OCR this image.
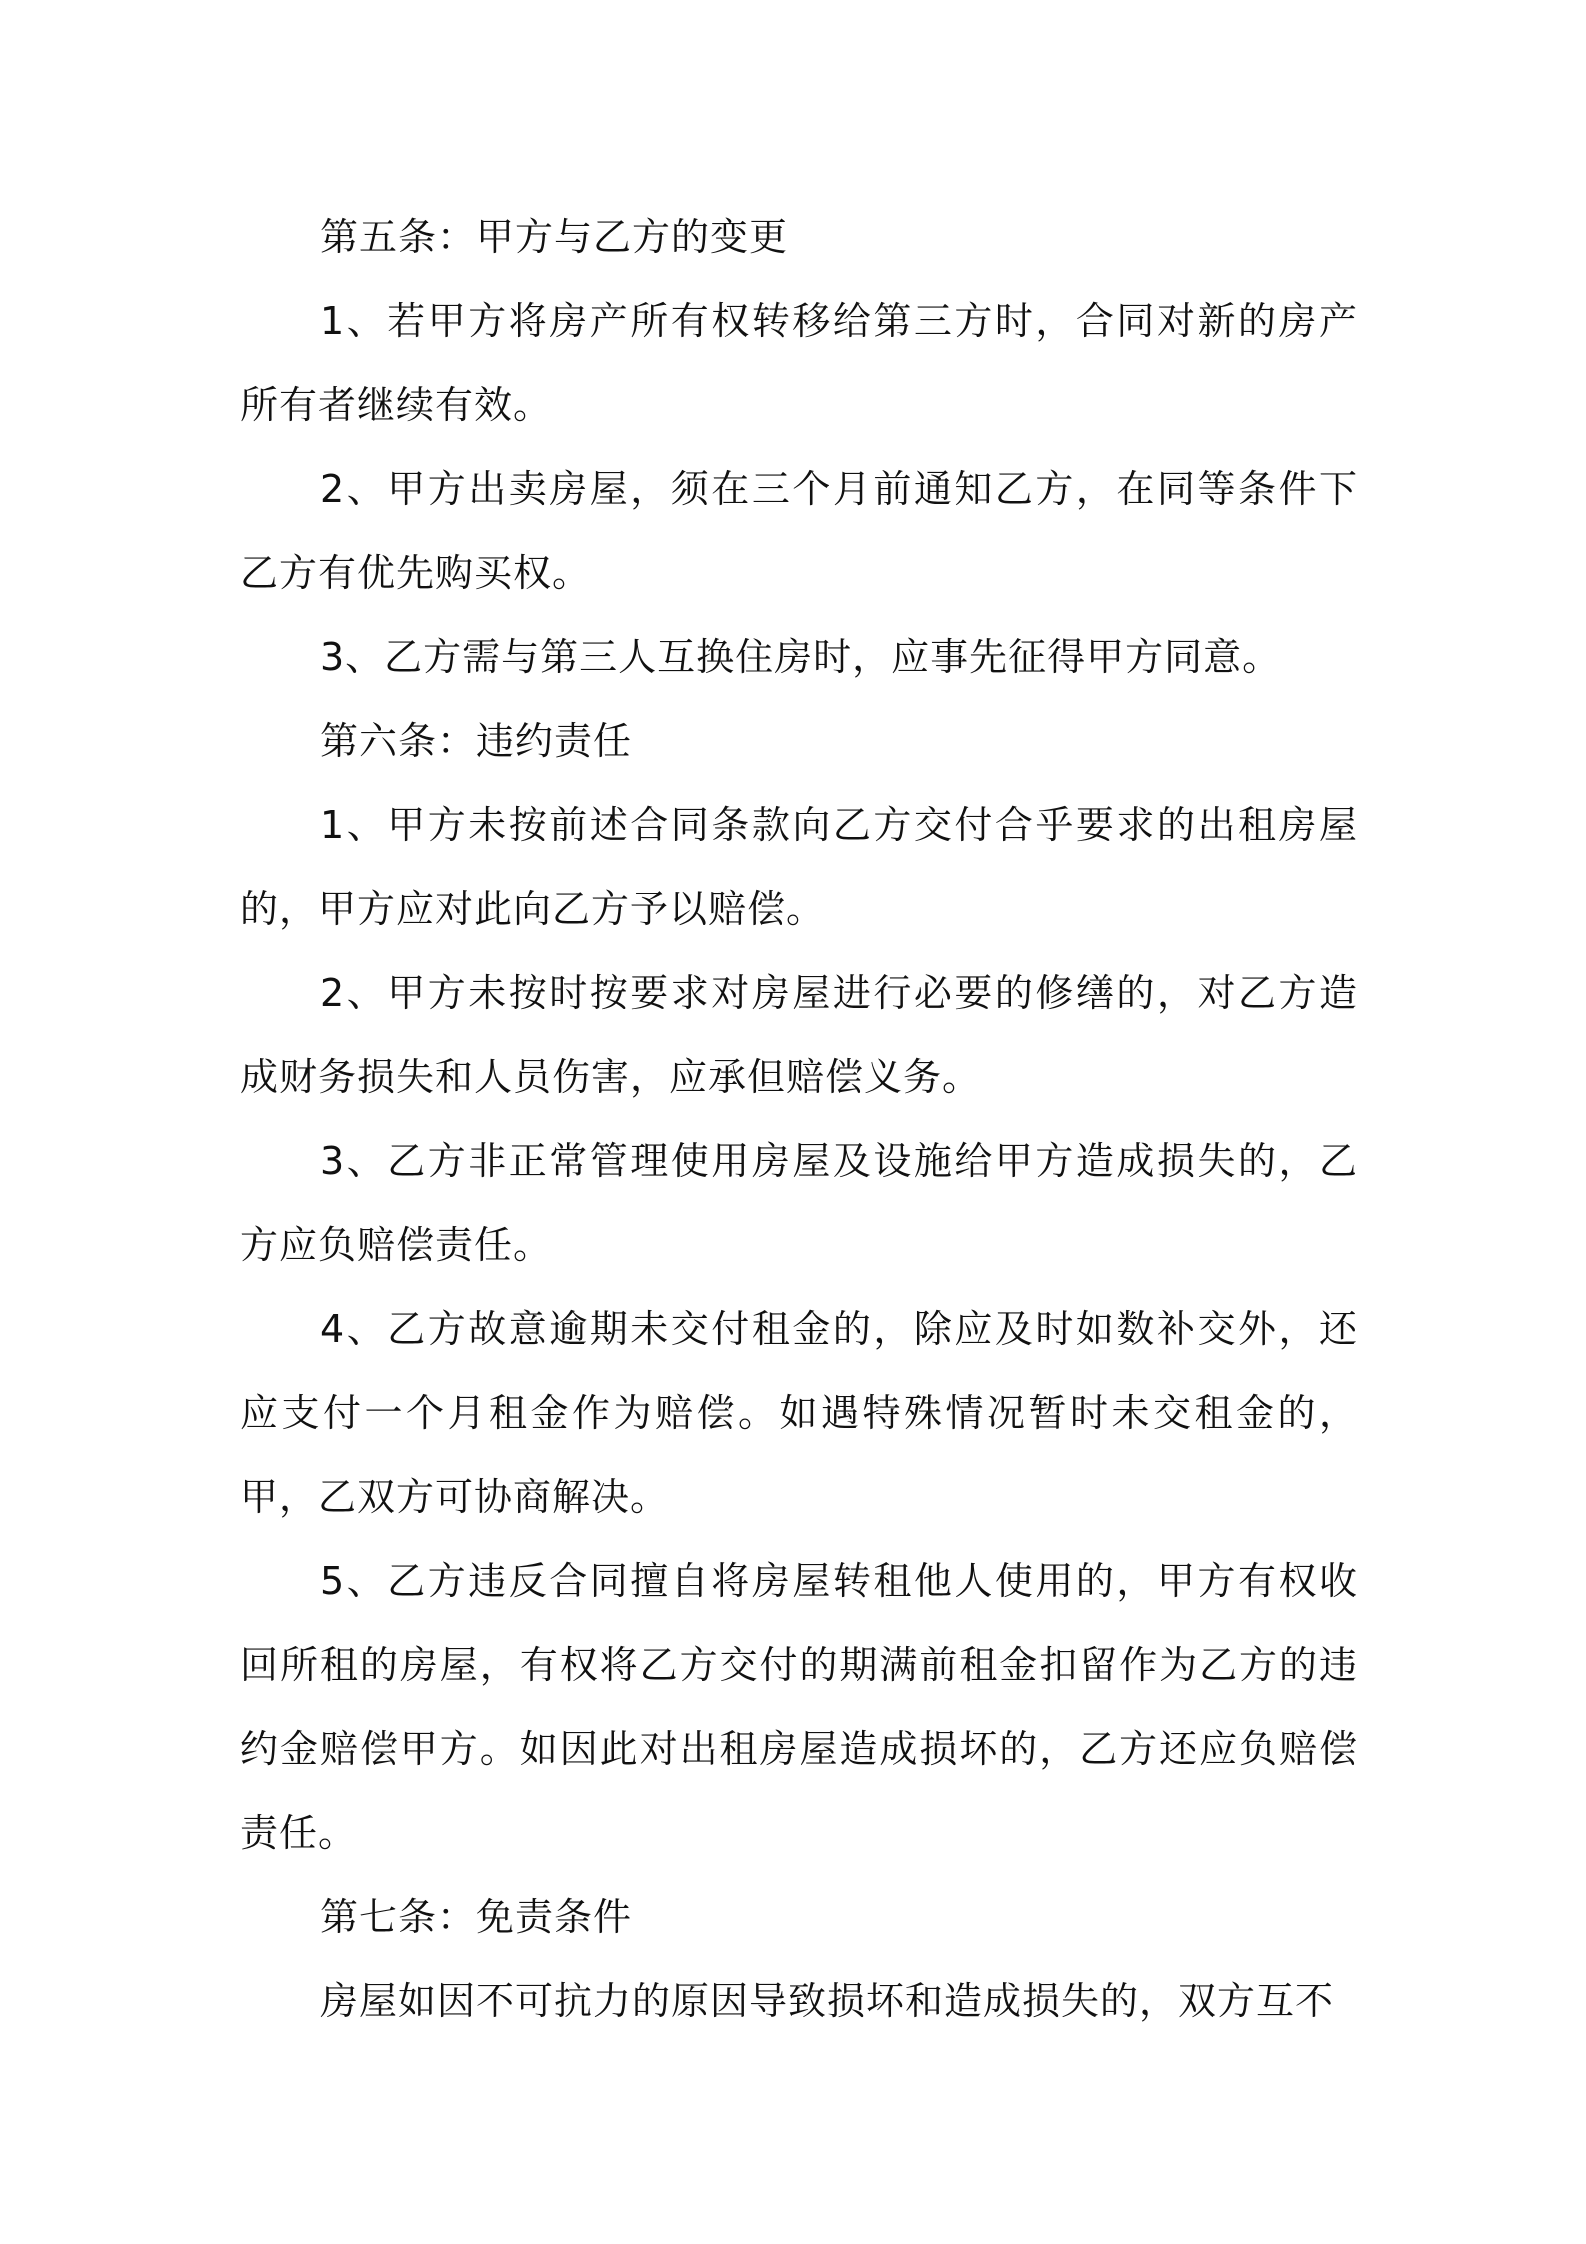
第五条：甲方与乙方的变更

1、若甲方将房产所有权转移给第三方时，合同对新的房产所有者继续有效。

2、甲方出卖房屋，须在三个月前通知乙方，在同等条件下乙方有优先购买权。

3、乙方需与第三人互换住房时，应事先征得甲方同意。

第六条：违约责任

1、甲方未按前述合同条款向乙方交付合乎要求的出租房屋的，甲方应对此向乙方予以赔偿。

2、甲方未按时按要求对房屋进行必要的修缮的，对乙方造成财务损失和人员伤害，应承但赔偿义务。

3、乙方非正常管理使用房屋及设施给甲方造成损失的，乙方应负赔偿责任。

4、乙方故意逾期未交付租金的，除应及时如数补交外，还应支付一个月租金作为赔偿。如遇特殊情况暂时未交租金的，甲，乙双方可协商解决。

5、乙方违反合同擅自将房屋转租他人使用的，甲方有权收回所租的房屋，有权将乙方交付的期满前租金扣留作为乙方的违约金赔偿甲方。如因此对出租房屋造成损坏的，乙方还应负赔偿责任。

第七条：免责条件

房屋如因不可抗力的原因导致损坏和造成损失的，双方互不
